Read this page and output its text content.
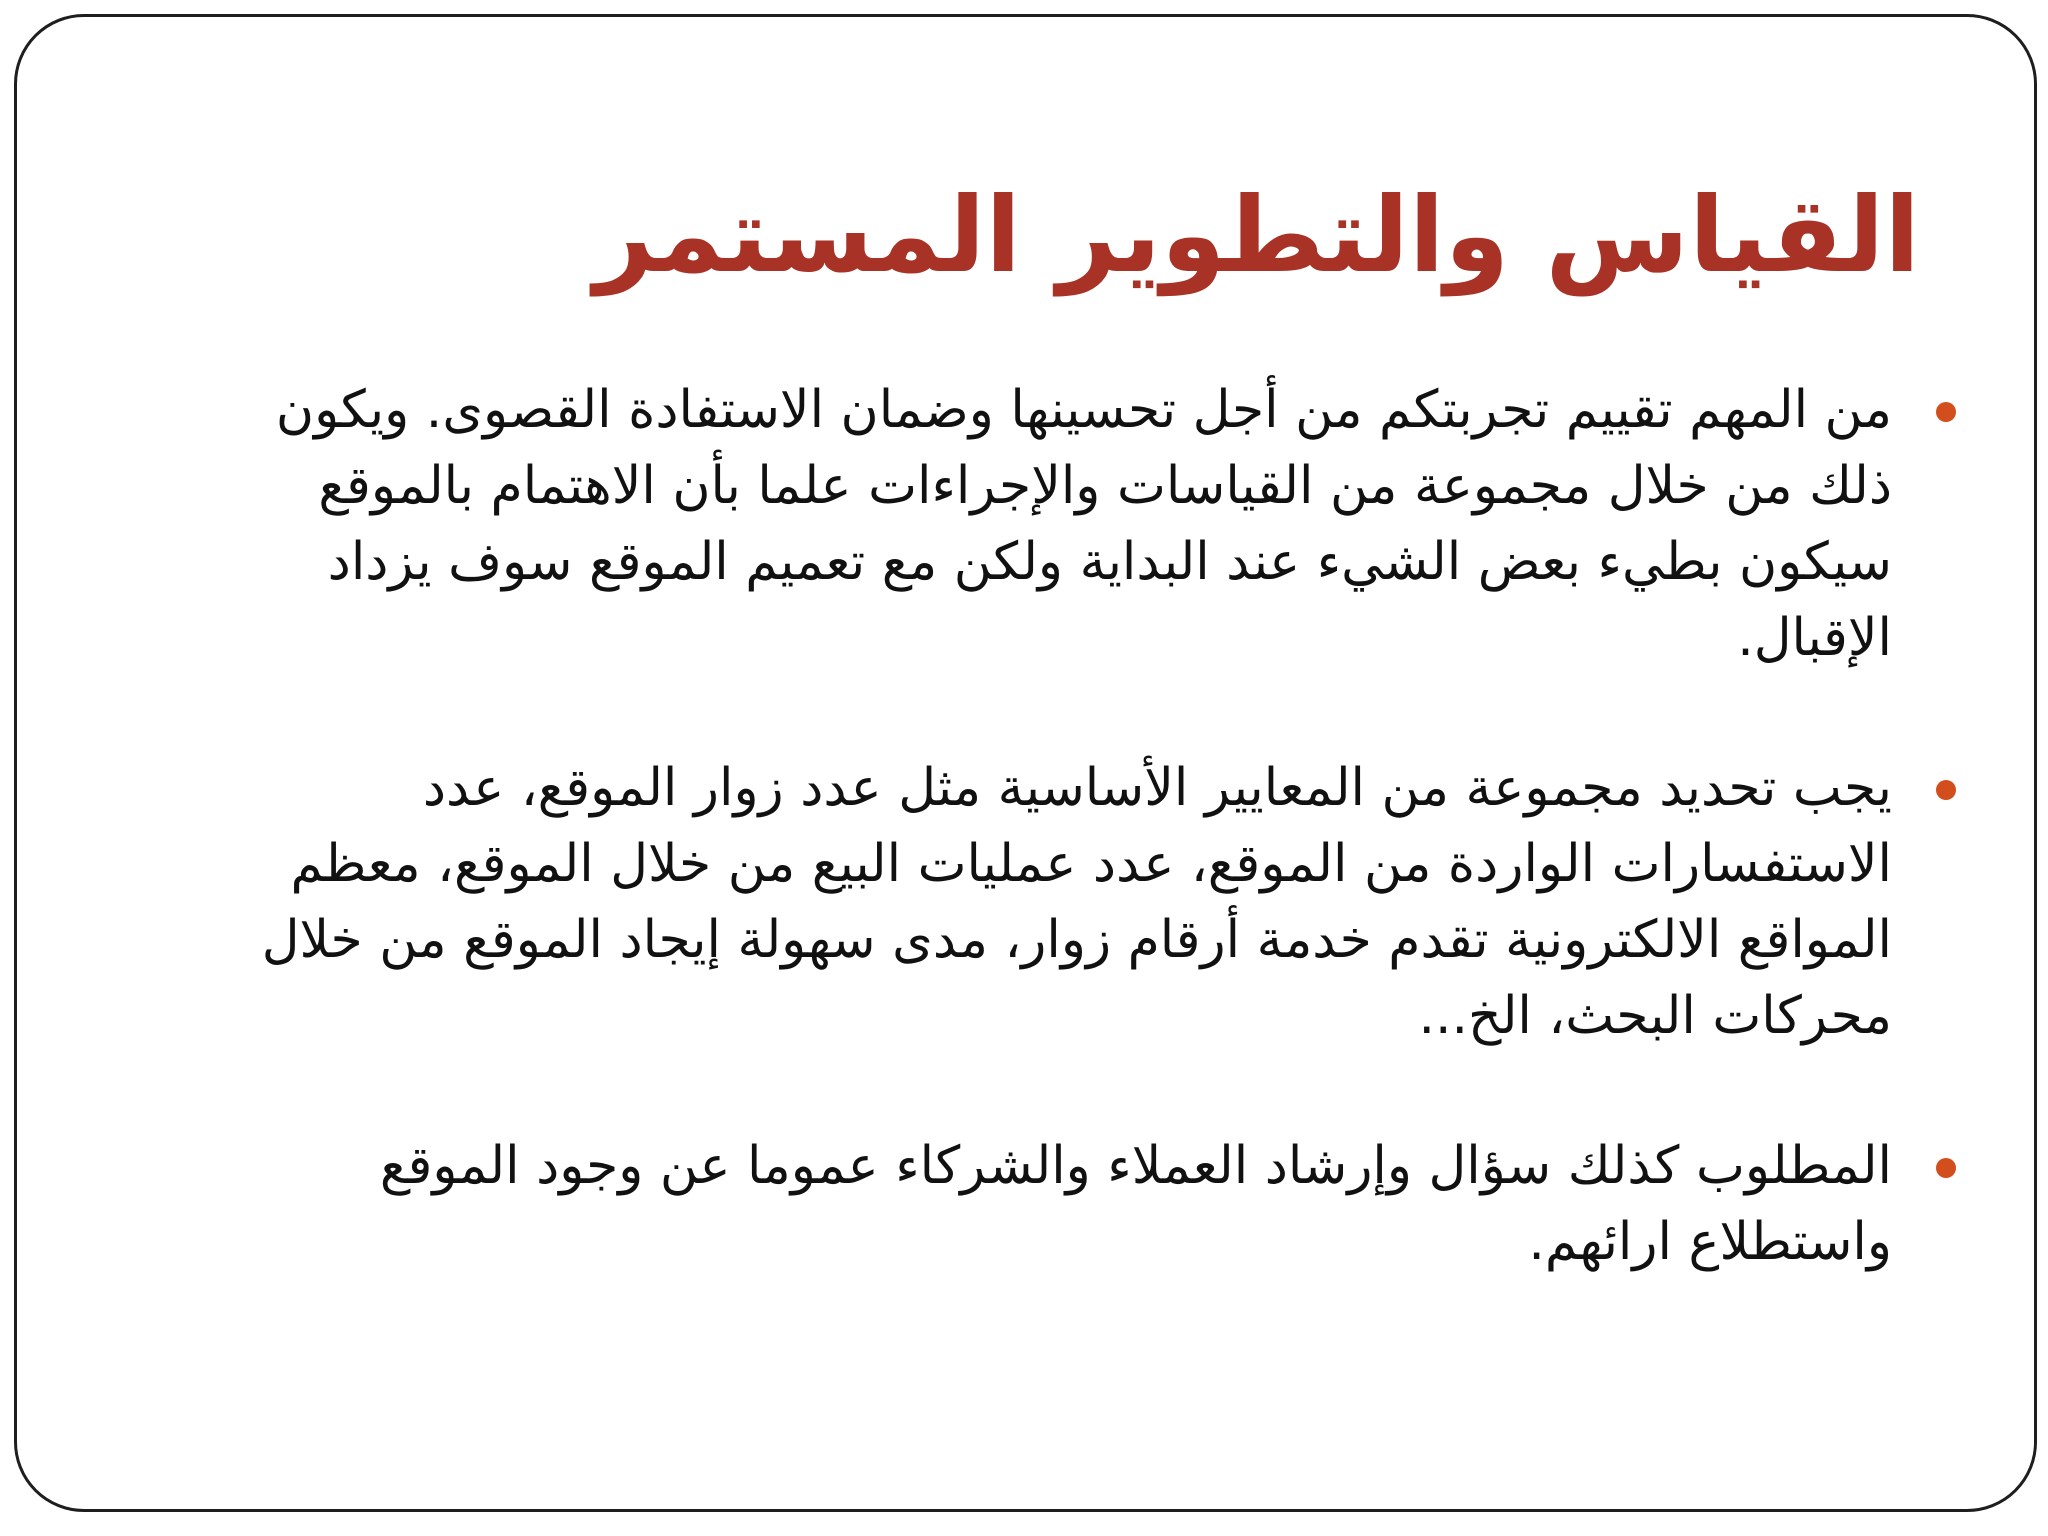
القياس والتطوير المستمر
من المهم تقييم تجربتكم من أجل تحسينها وضمان الاستفادة القصوى. ويكون ذلك من خلال مجموعة من القياسات والإجراءات علما بأن الاهتمام بالموقع سيكون بطيء بعض الشيء عند البداية ولكن مع تعميم الموقع سوف يزداد الإقبال.
يجب تحديد مجموعة من المعايير الأساسية مثل عدد زوار الموقع، عدد الاستفسارات الواردة من الموقع، عدد عمليات البيع من خلال الموقع، معظم المواقع الالكترونية تقدم خدمة أرقام زوار، مدى سهولة إيجاد الموقع من خلال محركات البحث، الخ...
المطلوب كذلك سؤال وإرشاد العملاء والشركاء عموما عن وجود الموقع واستطلاع ارائهم.
